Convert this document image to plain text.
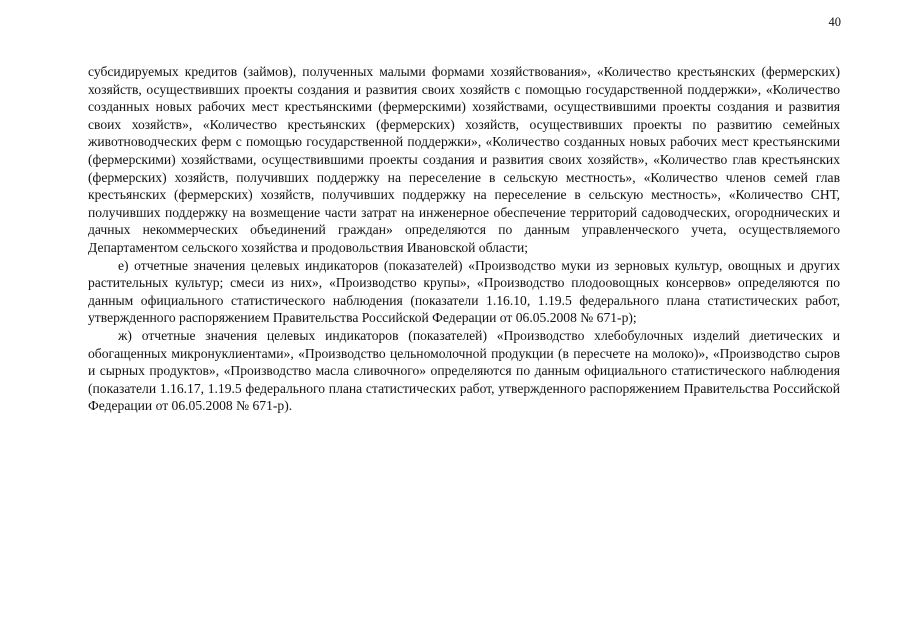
40

субсидируемых кредитов (займов), полученных малыми формами хозяйствования», «Количество крестьянских (фермерских) хозяйств, осуществивших проекты создания и развития своих хозяйств с помощью государственной поддержки», «Количество созданных новых рабочих мест крестьянскими (фермерскими) хозяйствами, осуществившими проекты создания и развития своих хозяйств», «Количество крестьянских (фермерских) хозяйств, осуществивших проекты по развитию семейных животноводческих ферм с помощью государственной поддержки», «Количество созданных новых рабочих мест крестьянскими (фермерскими) хозяйствами, осуществившими проекты создания и развития своих хозяйств», «Количество глав крестьянских (фермерских) хозяйств, получивших поддержку на переселение в сельскую местность», «Количество членов семей глав крестьянских (фермерских) хозяйств, получивших поддержку на переселение в сельскую местность», «Количество СНТ, получивших поддержку на возмещение части затрат на инженерное обеспечение территорий садоводческих, огороднических и дачных некоммерческих объединений граждан» определяются по данным управленческого учета, осуществляемого Департаментом сельского хозяйства и продовольствия Ивановской области;

е) отчетные значения целевых индикаторов (показателей) «Производство муки из зерновых культур, овощных и других растительных культур; смеси из них», «Производство крупы», «Производство плодоовощных консервов» определяются по данным официального статистического наблюдения (показатели 1.16.10, 1.19.5 федерального плана статистических работ, утвержденного распоряжением Правительства Российской Федерации от 06.05.2008 № 671-р);

ж) отчетные значения целевых индикаторов (показателей) «Производство хлебобулочных изделий диетических и обогащенных микронуклиентами», «Производство цельномолочной продукции (в пересчете на молоко)», «Производство сыров и сырных продуктов», «Производство масла сливочного» определяются по данным официального статистического наблюдения (показатели 1.16.17, 1.19.5 федерального плана статистических работ, утвержденного распоряжением Правительства Российской Федерации от 06.05.2008 № 671-р).
